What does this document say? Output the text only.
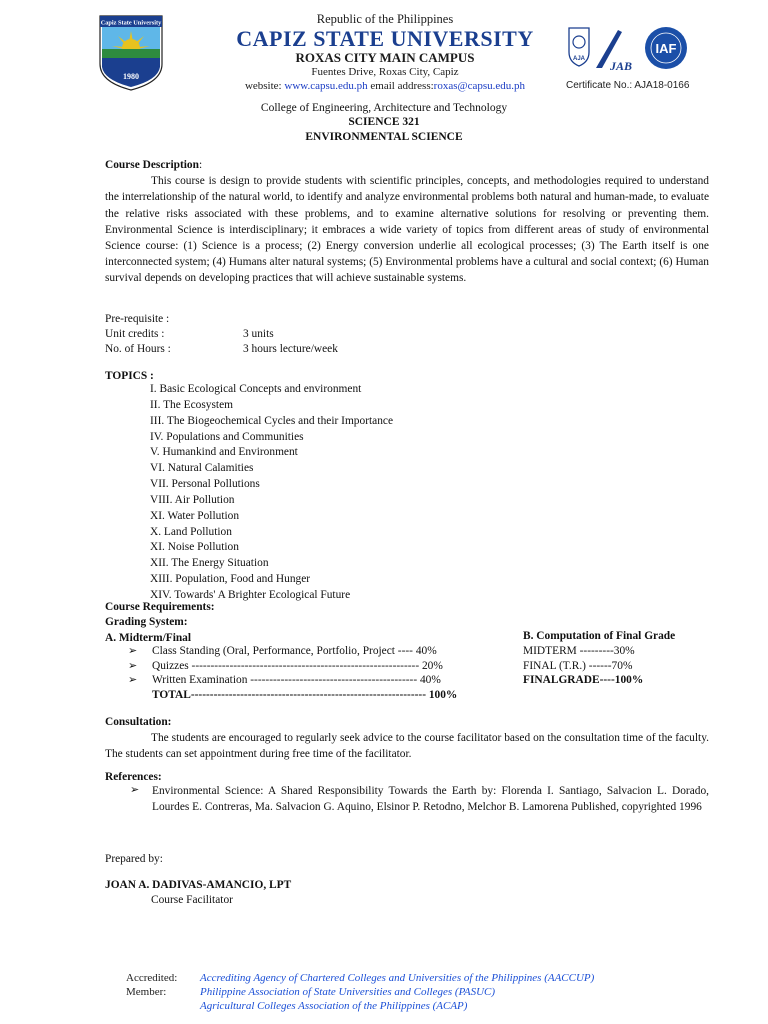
Capiz State University
1980
Republic of the Philippines
CAPIZ STATE UNIVERSITY
ROXAS CITY MAIN CAMPUS
Fuentes Drive, Roxas City, Capiz
website: www.capsu.edu.ph email address:roxas@capsu.edu.ph
AJA JAB
IAF
Certificate No.: AJA18-0166
College of Engineering, Architecture and Technology
SCIENCE 321
ENVIRONMENTAL SCIENCE
Course Description:
This course is design to provide students with scientific principles, concepts, and methodologies required to understand the interrelationship of the natural world, to identify and analyze environmental problems both natural and human-made, to evaluate the relative risks associated with these problems, and to examine alternative solutions for resolving or preventing them. Environmental Science is interdisciplinary; it embraces a wide variety of topics from different areas of study of environmental Science course: (1) Science is a process; (2) Energy conversion underlie all ecological processes; (3) The Earth itself is one interconnected system; (4) Humans alter natural systems; (5) Environmental problems have a cultural and social context; (6) Human survival depends on developing practices that will achieve sustainable systems.
Pre-requisite :
Unit credits :	3 units
No. of Hours :	3 hours lecture/week
TOPICS :
I. Basic Ecological Concepts and environment
II. The Ecosystem
III. The Biogeochemical Cycles and their Importance
IV. Populations and Communities
V. Humankind and Environment
VI. Natural Calamities
VII. Personal Pollutions
VIII. Air Pollution
XI. Water Pollution
X. Land Pollution
XI. Noise Pollution
XII. The Energy Situation
XIII. Population, Food and Hunger
XIV. Towards' A Brighter Ecological Future
Course Requirements:
Grading System:
A. Midterm/Final	B. Computation of Final Grade
➢	Class Standing (Oral, Performance, Portfolio, Project ---- 40%
➢	Quizzes ------------------------------------------------------------ 20%
➢	Written Examination -------------------------------------------- 40%
TOTAL-------------------------------------------------------------- 100%
MIDTERM ---------30%
FINAL (T.R.) ------70%
FINALGRADE----100%
Consultation:
The students are encouraged to regularly seek advice to the course facilitator based on the consultation time of the faculty. The students can set appointment during free time of the facilitator.
References:
➢	Environmental Science: A Shared Responsibility Towards the Earth by: Florenda I. Santiago, Salvacion L. Dorado, Lourdes E. Contreras, Ma. Salvacion G. Aquino, Elsinor P. Retodno, Melchor B. Lamorena Published, copyrighted 1996
Prepared by:
JOAN A. DADIVAS-AMANCIO, LPT
Course Facilitator
Accredited:	Accrediting Agency of Chartered Colleges and Universities of the Philippines (AACCUP)
Member:	Philippine Association of State Universities and Colleges (PASUC)
Agricultural Colleges Association of the Philippines (ACAP)
